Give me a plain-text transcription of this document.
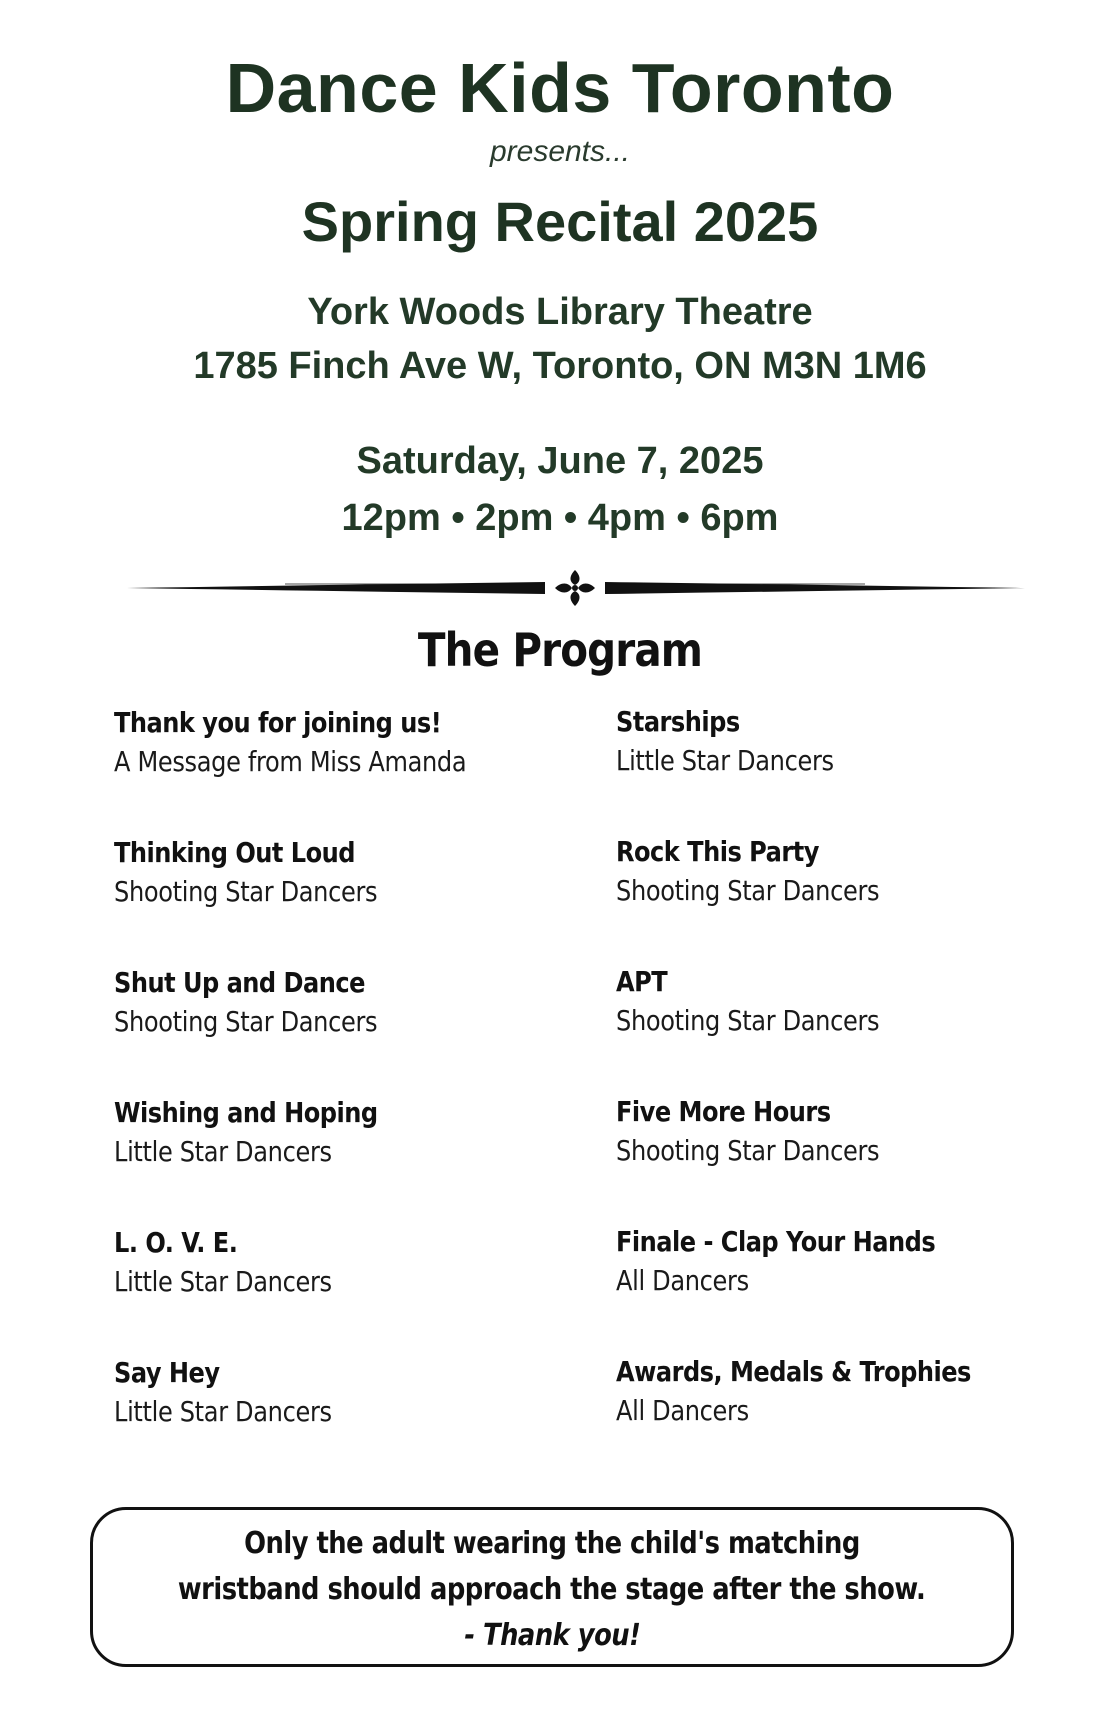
Dance Kids Toronto
presents...
Spring Recital 2025
York Woods Library Theatre
1785 Finch Ave W, Toronto, ON M3N 1M6
Saturday, June 7, 2025
12pm • 2pm • 4pm • 6pm
The Program
Thank you for joining us!
A Message from Miss Amanda
Thinking Out Loud
Shooting Star Dancers
Shut Up and Dance
Shooting Star Dancers
Wishing and Hoping
Little Star Dancers
L. O. V. E.
Little Star Dancers
Say Hey
Little Star Dancers
Starships
Little Star Dancers
Rock This Party
Shooting Star Dancers
APT
Shooting Star Dancers
Five More Hours
Shooting Star Dancers
Finale - Clap Your Hands
All Dancers
Awards, Medals & Trophies
All Dancers
Only the adult wearing the child's matching
wristband should approach the stage after the show.
- Thank you!
